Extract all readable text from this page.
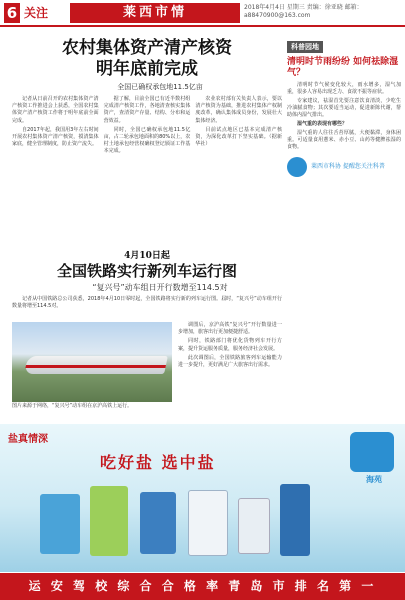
6 关注	莱西市情	2018年4月4日 星期三 责编：徐亚晓 邮箱：a88470900@163.com
农村集体资产清产核资
明年底前完成
全国已确权承包地11.5亿亩

记者从日前召开的农村集体资产清产核资工作推进会上获悉，全国农村集体资产清产核资工作将于明年底前全面完成。

自2017年起，我国用3年左右时间开展农村集体资产清产核资，摸清集体家底，健全管理制度，防止资产流失。

据了解，目前全国已有近半数村组完成清产核资工作，各地清查核实集体资产，查清资产存量、结构、分布和运营效益。

同时，全国已确权承包地11.5亿亩，占二轮承包地面积的80%以上，农村土地承包经营权确权登记颁证工作基本完成。

农业农村部有关负责人表示，要以清产核资为基础，推进农村集体产权制度改革，确认集体成员身份，发展壮大集体经济。

目前试点地区已基本完成清产核资，为深化改革打下坚实基础。（据新华社）

4月10日起
全国铁路实行新列车运行图
“复兴号”动车组日开行数增至114.5对
图片来源于网络，“复兴号”动车组在京沪高铁上运行。

记者从中国铁路总公司获悉，2018年4月10日零时起，全国铁路将实行新的列车运行图。届时，“复兴号”动车组开行数量将增至114.5对。

调图后，京沪高铁“复兴号”开行数量进一步增加，旅客出行更加便捷舒适。

同时，铁路部门将优化货物列车开行方案，提升货运服务质量，服务经济社会发展。

此次调图后，全国铁路旅客列车运输能力进一步提升，更好满足广大旅客出行需求。

科普园地
清明时节雨纷纷 如何祛除湿气？

清明时节气候变化较大，雨水增多，湿气加重，很多人容易出现乏力、食欲不振等症状。

专家建议，祛湿首先要注意饮食清淡，少吃生冷油腻食物；其次要适当运动，促进新陈代谢，帮助体内湿气排出。

湿气重的表现有哪些？

湿气重的人往往舌苔厚腻，大便黏滞，身体困重。可适量食用薏米、赤小豆、山药等健脾祛湿的食物。

莱西市科协 提醒您关注科普
盐真情深
吃好盐 选中盐
海苑
运 安 驾 校 综 合 合 格 率 青 岛 市 排 名 第 一
